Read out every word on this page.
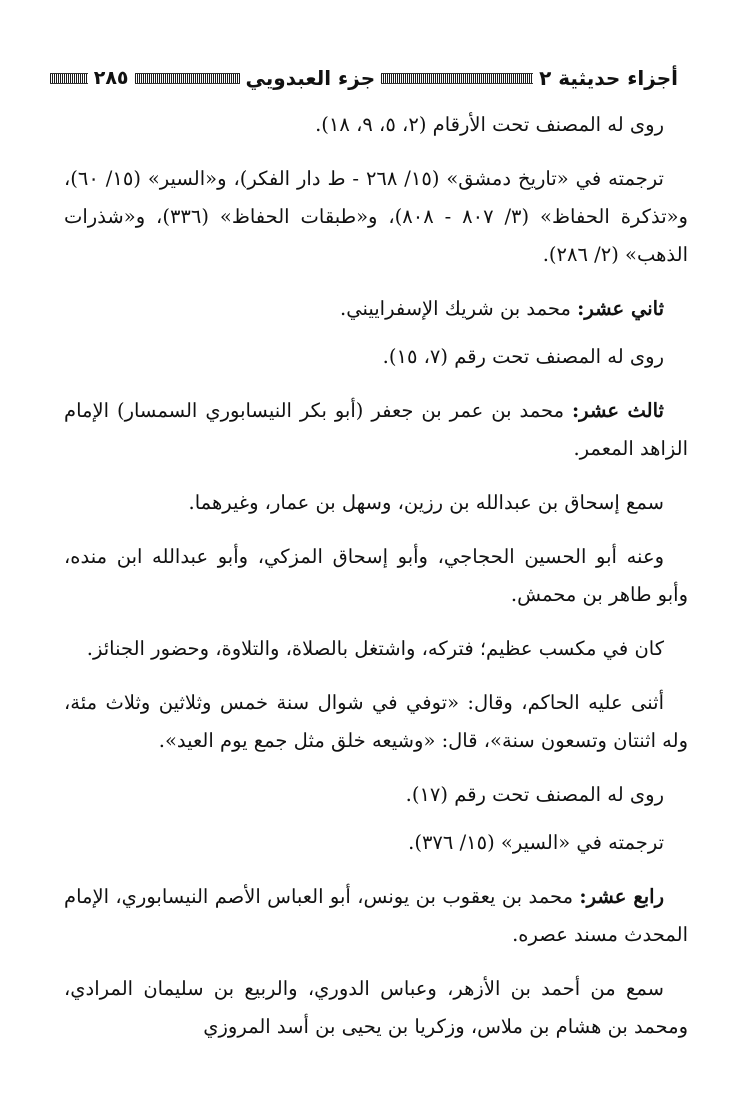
أجزاء حديثية ٢
جزء العبدويي
٢٨٥

روى له المصنف تحت الأرقام (٢، ٥، ٩، ١٨).

ترجمته في «تاريخ دمشق» (١٥/ ٢٦٨ - ط دار الفكر)، و«السير» (١٥/ ٦٠)، و«تذكرة الحفاظ» (٣/ ٨٠٧ - ٨٠٨)، و«طبقات الحفاظ» (٣٣٦)، و«شذرات الذهب» (٢/ ٢٨٦).

ثاني عشر: محمد بن شريك الإسفراييني.

روى له المصنف تحت رقم (٧، ١٥).

ثالث عشر: محمد بن عمر بن جعفر (أبو بكر النيسابوري السمسار) الإمام الزاهد المعمر.

سمع إسحاق بن عبدالله بن رزين، وسهل بن عمار، وغيرهما.

وعنه أبو الحسين الحجاجي، وأبو إسحاق المزكي، وأبو عبدالله ابن منده، وأبو طاهر بن محمش.

كان في مكسب عظيم؛ فتركه، واشتغل بالصلاة، والتلاوة، وحضور الجنائز.

أثنى عليه الحاكم، وقال: «توفي في شوال سنة خمس وثلاثين وثلاث مئة، وله اثنتان وتسعون سنة»، قال: «وشيعه خلق مثل جمع يوم العيد».

روى له المصنف تحت رقم (١٧).

ترجمته في «السير» (١٥/ ٣٧٦).

رابع عشر: محمد بن يعقوب بن يونس، أبو العباس الأصم النيسابوري، الإمام المحدث مسند عصره.

سمع من أحمد بن الأزهر، وعباس الدوري، والربيع بن سليمان المرادي، ومحمد بن هشام بن ملاس، وزكريا بن يحيى بن أسد المروزي
